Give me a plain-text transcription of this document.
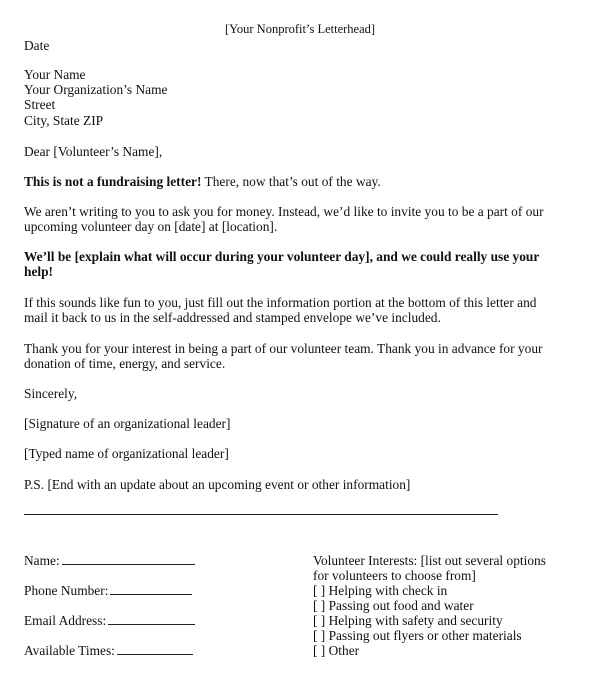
[Your Nonprofit’s Letterhead]
Date
Your Name
Your Organization’s Name
Street
City, State ZIP
Dear [Volunteer’s Name],
This is not a fundraising letter! There, now that’s out of the way.
We aren’t writing to you to ask you for money. Instead, we’d like to invite you to be a part of our
upcoming volunteer day on [date] at [location].
We’ll be [explain what will occur during your volunteer day], and we could really use your
help!
If this sounds like fun to you, just fill out the information portion at the bottom of this letter and
mail it back to us in the self-addressed and stamped envelope we’ve included.
Thank you for your interest in being a part of our volunteer team. Thank you in advance for your
donation of time, energy, and service.
Sincerely,
[Signature of an organizational leader]
[Typed name of organizational leader]
P.S. [End with an update about an upcoming event or other information]
Name:
Phone Number:
Email Address:
Available Times:
Volunteer Interests: [list out several options
for volunteers to choose from]
[ ] Helping with check in
[ ] Passing out food and water
[ ] Helping with safety and security
[ ] Passing out flyers or other materials
[ ] Other
